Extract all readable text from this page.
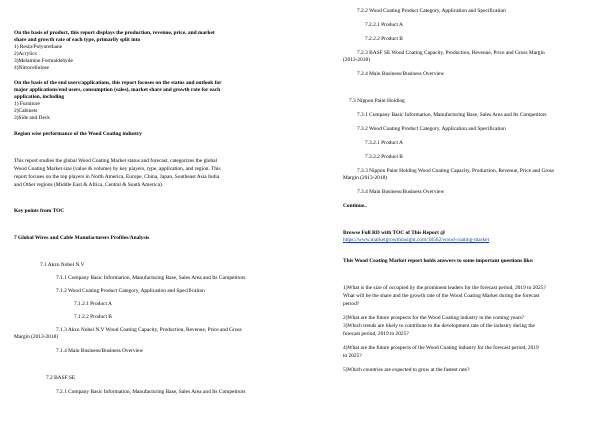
On the basis of product, this report displays the production, revenue, price, and market
share and growth rate of each type, primarily split into
1) Resin/Polyurethane
2)Acrylics
3)Melamine Formaldehyde
4)Nitrocellulose
On the basis of the end users/applications, this report focuses on the status and outlook for
major applications/end users, consumption (sales), market share and growth rate for each
application, including
1) Furniture
2)Cabinets
3)Side and Deck
Region wise performance of the Wood Coating industry
This report studies the global Wood Coating Market status and forecast, categorizes the global
Wood Coating Market size (value & volume) by key players, type, application, and region. This
report focuses on the top players in North America, Europe, China, Japan, Southeast Asia India
and Other regions (Middle East & Africa, Central & South America).
Key points from TOC
7 Global Wires and Cable Manufacturers Profiles/Analysis
7.1 Akzo Nobel N.V
7.1.1 Company Basic Information, Manufacturing Base, Sales Area and Its Competitors
7.1.2 Wood Coating Product Category, Application and Specification
7.1.2.1 Product A
7.1.2.2 Product B
7.1.3 Akzo Nobel N.V Wood Coating Capacity, Production, Revenue, Price and Gross
Margin (2013-2018)
7.1.4 Main Business/Business Overview
7.2 BASF SE
7.2.1 Company Basic Information, Manufacturing Base, Sales Area and Its Competitors
7.2.2 Wood Coating Product Category, Application and Specification
7.2.2.1 Product A
7.2.2.2 Product B
7.2.3 BASF SE Wood Coating Capacity, Production, Revenue, Price and Gross Margin
(2013-2018)
7.2.4 Main Business/Business Overview
7.3 Nippon Paint Holding
7.3.1 Company Basic Information, Manufacturing Base, Sales Area and Its Competitors
7.3.2 Wood Coating Product Category, Application and Specification
7.3.2.1 Product A
7.3.2.2 Product B
7.3.3 Nippon Paint Holding Wood Coating Capacity, Production, Revenue, Price and Gross
Margin (2013-2018)
7.3.4 Main Business/Business Overview
Continue..
Browse Full RD with TOC of This Report @
https://www.marketgrowthinsight.com/18562/wood-coating-market
This Wood Coating Market report holds answers to some important questions like:
1)What is the size of occupied by the prominent leaders for the forecast period, 2019 to 2025?
What will be the share and the growth rate of the Wood Coating Market during the forecast
period?
2)What are the future prospects for the Wood Coating industry in the coming years?
3)Which trends are likely to contribute to the development rate of the industry during the
forecast period, 2019 to 2025?
4)What are the future prospects of the Wood Coating industry for the forecast period, 2019
to 2025?
5)Which countries are expected to grow at the fastest rate?
